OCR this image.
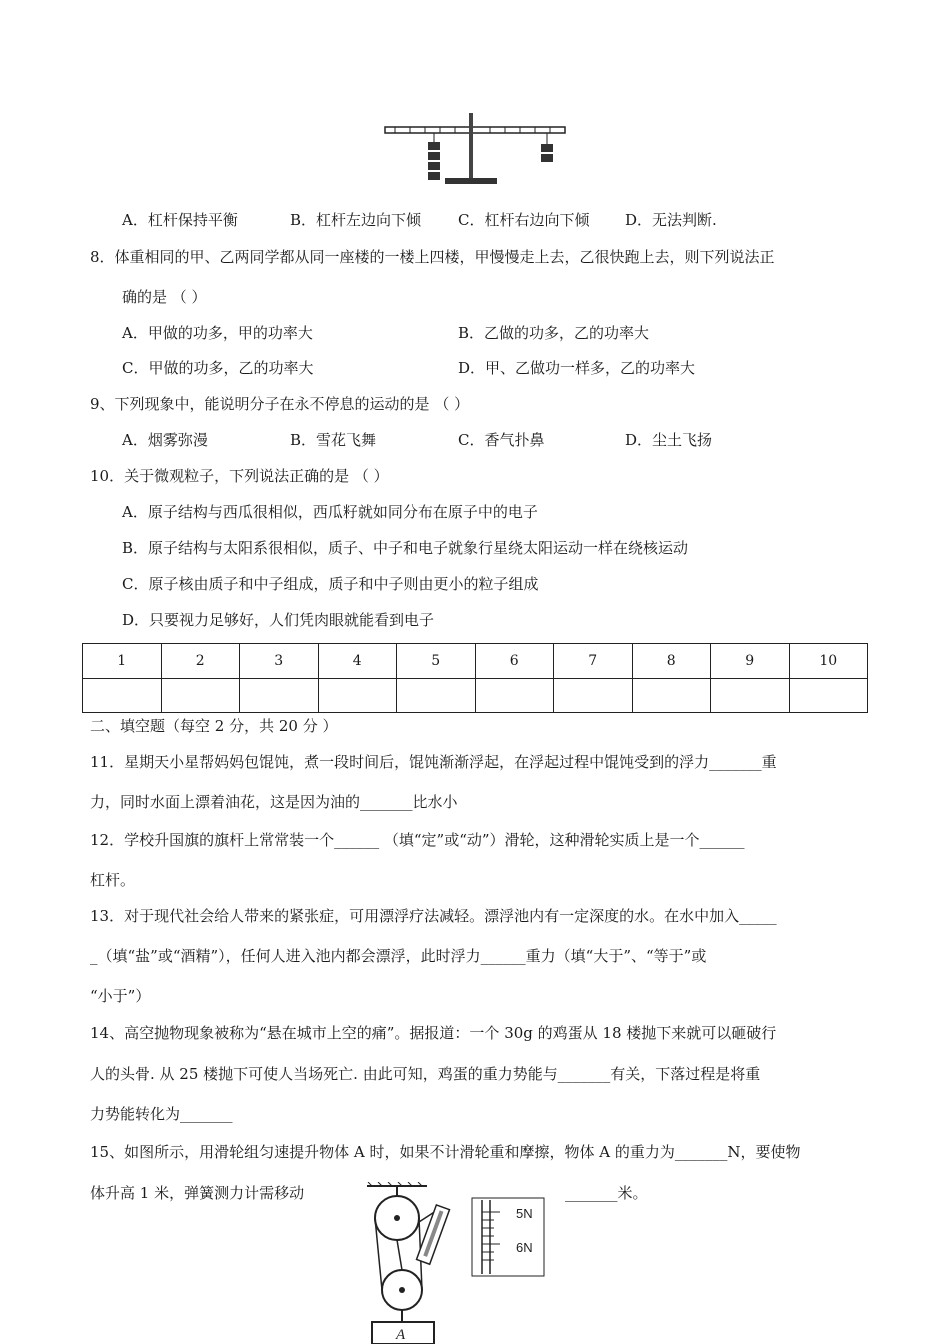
A．杠杆保持平衡	B．杠杆左边向下倾 C．杠杆右边向下倾 D．无法判断.
8．体重相同的甲、乙两同学都从同一座楼的一楼上四楼，甲慢慢走上去，乙很快跑上去，则下列说法正
确的是 （ ）
A．甲做的功多，甲的功率大	B．乙做的功多，乙的功率大
C．甲做的功多，乙的功率大	D．甲、乙做功一样多，乙的功率大
9、下列现象中，能说明分子在永不停息的运动的是 （ ）
A．烟雾弥漫	B．雪花飞舞	C．香气扑鼻	D．尘土飞扬
10．关于微观粒子，下列说法正确的是 （ ）
A．原子结构与西瓜很相似，西瓜籽就如同分布在原子中的电子
B．原子结构与太阳系很相似，质子、中子和电子就象行星绕太阳运动一样在绕核运动
C．原子核由质子和中子组成，质子和中子则由更小的粒子组成
D．只要视力足够好，人们凭肉眼就能看到电子
1	2	3	4	5	6	7	8	9	10

二、填空题（每空 2 分，共 20 分 ）
11．星期天小星帮妈妈包馄饨，煮一段时间后，馄饨渐渐浮起，在浮起过程中馄饨受到的浮力_______重
力，同时水面上漂着油花，这是因为油的_______比水小
12．学校升国旗的旗杆上常常装一个______ （填“定”或“动”）滑轮，这种滑轮实质上是一个______
杠杆。
13．对于现代社会给人带来的紧张症，可用漂浮疗法减轻。漂浮池内有一定深度的水。在水中加入_____
_（填“盐”或“酒精”），任何人进入池内都会漂浮，此时浮力______重力（填“大于”、“等于”或
“小于”）
14、高空抛物现象被称为“悬在城市上空的痛”。据报道：一个 30g 的鸡蛋从 18 楼抛下来就可以砸破行
人的头骨. 从 25 楼抛下可使人当场死亡. 由此可知，鸡蛋的重力势能与_______有关，下落过程是将重
力势能转化为_______
15、如图所示，用滑轮组匀速提升物体 A 时，如果不计滑轮重和摩擦，物体 A 的重力为_______N，要使物
体升高 1 米，弹簧测力计需移动	_______米。
5N
6N
A
